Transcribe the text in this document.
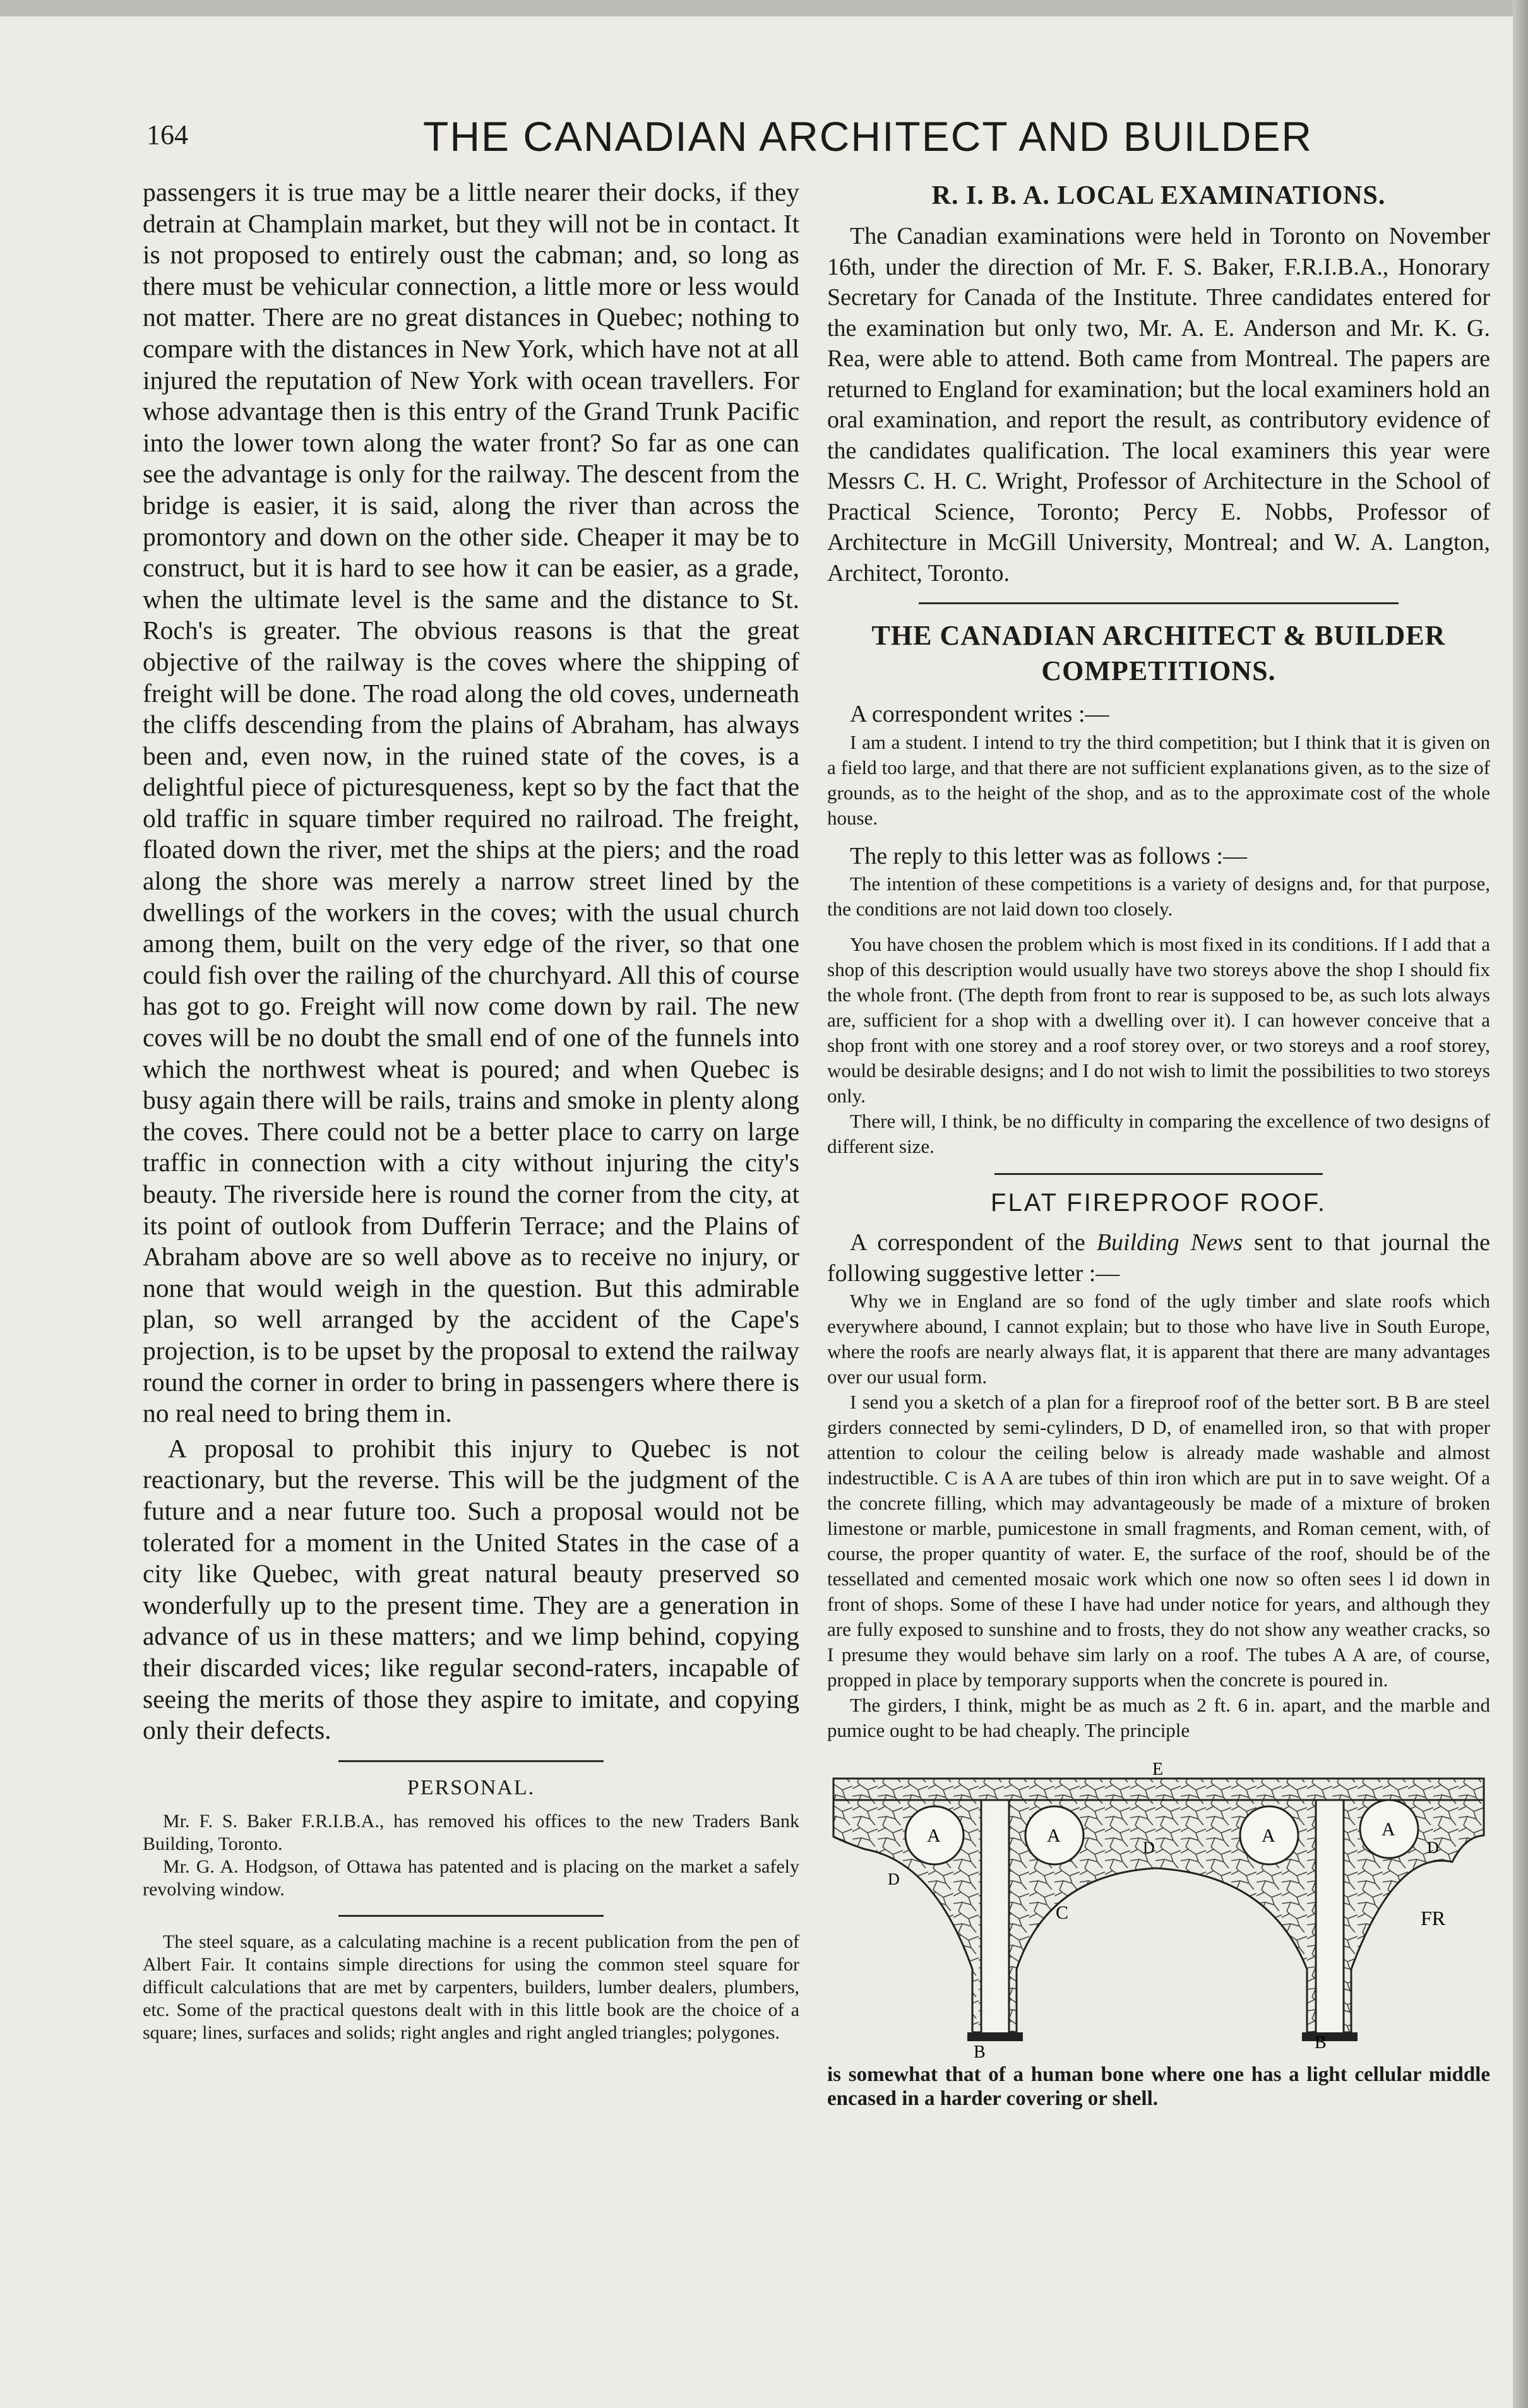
164	THE CANADIAN ARCHITECT AND BUILDER

passengers it is true may be a little nearer their docks, if they detrain at Champlain market, but they will not be in contact. It is not proposed to entirely oust the cabman; and, so long as there must be vehicular connection, a little more or less would not matter. There are no great distances in Quebec; nothing to compare with the distances in New York, which have not at all injured the reputation of New York with ocean travellers. For whose advantage then is this entry of the Grand Trunk Pacific into the lower town along the water front? So far as one can see the advantage is only for the railway. The descent from the bridge is easier, it is said, along the river than across the promontory and down on the other side. Cheaper it may be to construct, but it is hard to see how it can be easier, as a grade, when the ultimate level is the same and the distance to St. Roch's is greater. The obvious reasons is that the great objective of the railway is the coves where the shipping of freight will be done. The road along the old coves, underneath the cliffs descending from the plains of Abraham, has always been and, even now, in the ruined state of the coves, is a delightful piece of picturesqueness, kept so by the fact that the old traffic in square timber required no railroad. The freight, floated down the river, met the ships at the piers; and the road along the shore was merely a narrow street lined by the dwellings of the workers in the coves; with the usual church among them, built on the very edge of the river, so that one could fish over the railing of the churchyard. All this of course has got to go. Freight will now come down by rail. The new coves will be no doubt the small end of one of the funnels into which the northwest wheat is poured; and when Quebec is busy again there will be rails, trains and smoke in plenty along the coves. There could not be a better place to carry on large traffic in connection with a city without injuring the city's beauty. The riverside here is round the corner from the city, at its point of outlook from Dufferin Terrace; and the Plains of Abraham above are so well above as to receive no injury, or none that would weigh in the question. But this admirable plan, so well arranged by the accident of the Cape's projection, is to be upset by the proposal to extend the railway round the corner in order to bring in passengers where there is no real need to bring them in.

A proposal to prohibit this injury to Quebec is not reactionary, but the reverse. This will be the judgment of the future and a near future too. Such a proposal would not be tolerated for a moment in the United States in the case of a city like Quebec, with great natural beauty preserved so wonderfully up to the present time. They are a generation in advance of us in these matters; and we limp behind, copying their discarded vices; like regular second-raters, incapable of seeing the merits of those they aspire to imitate, and copying only their defects.

PERSONAL.

Mr. F. S. Baker F.R.I.B.A., has removed his offices to the new Traders Bank Building, Toronto.

Mr. G. A. Hodgson, of Ottawa has patented and is placing on the market a safely revolving window.

The steel square, as a calculating machine is a recent publication from the pen of Albert Fair. It contains simple directions for using the common steel square for difficult calculations that are met by carpenters, builders, lumber dealers, plumbers, etc. Some of the practical questons dealt with in this little book are the choice of a square; lines, surfaces and solids; right angles and right angled triangles; polygones.

R. I. B. A. LOCAL EXAMINATIONS.

The Canadian examinations were held in Toronto on November 16th, under the direction of Mr. F. S. Baker, F.R.I.B.A., Honorary Secretary for Canada of the Institute. Three candidates entered for the examination but only two, Mr. A. E. Anderson and Mr. K. G. Rea, were able to attend. Both came from Montreal. The papers are returned to England for examination; but the local examiners hold an oral examination, and report the result, as contributory evidence of the candidates qualification. The local examiners this year were Messrs C. H. C. Wright, Professor of Architecture in the School of Practical Science, Toronto; Percy E. Nobbs, Professor of Architecture in McGill University, Montreal; and W. A. Langton, Architect, Toronto.

THE CANADIAN ARCHITECT & BUILDER
COMPETITIONS.

A correspondent writes :—

I am a student. I intend to try the third competition; but I think that it is given on a field too large, and that there are not sufficient explanations given, as to the size of grounds, as to the height of the shop, and as to the approximate cost of the whole house.

The reply to this letter was as follows :—

The intention of these competitions is a variety of designs and, for that purpose, the conditions are not laid down too closely.

You have chosen the problem which is most fixed in its conditions. If I add that a shop of this description would usually have two storeys above the shop I should fix the whole front. (The depth from front to rear is supposed to be, as such lots always are, sufficient for a shop with a dwelling over it). I can however conceive that a shop front with one storey and a roof storey over, or two storeys and a roof storey, would be desirable designs; and I do not wish to limit the possibilities to two storeys only.

There will, I think, be no difficulty in comparing the excellence of two designs of different size.

FLAT FIREPROOF ROOF.

A correspondent of the Building News sent to that journal the following suggestive letter :—

Why we in England are so fond of the ugly timber and slate roofs which everywhere abound, I cannot explain; but to those who have live in South Europe, where the roofs are nearly always flat, it is apparent that there are many advantages over our usual form.

I send you a sketch of a plan for a fireproof roof of the better sort. B B are steel girders connected by semi-cylinders, D D, of enamelled iron, so that with proper attention to colour the ceiling below is already made washable and almost indestructible. C is A A are tubes of thin iron which are put in to save weight. Of a the concrete filling, which may advantageously be made of a mixture of broken limestone or marble, pumicestone in small fragments, and Roman cement, with, of course, the proper quantity of water. E, the surface of the roof, should be of the tessellated and cemented mosaic work which one now so often sees l id down in front of shops. Some of these I have had under notice for years, and although they are fully exposed to sunshine and to frosts, they do not show any weather cracks, so I presume they would behave sim larly on a roof. The tubes A A are, of course, propped in place by temporary supports when the concrete is poured in.

The girders, I think, might be as much as 2 ft. 6 in. apart, and the marble and pumice ought to be had cheaply. The principle

E
A	A	A	A
D	D
D
C
B	B
FR

is somewhat that of a human bone where one has a light cellular middle encased in a harder covering or shell.
